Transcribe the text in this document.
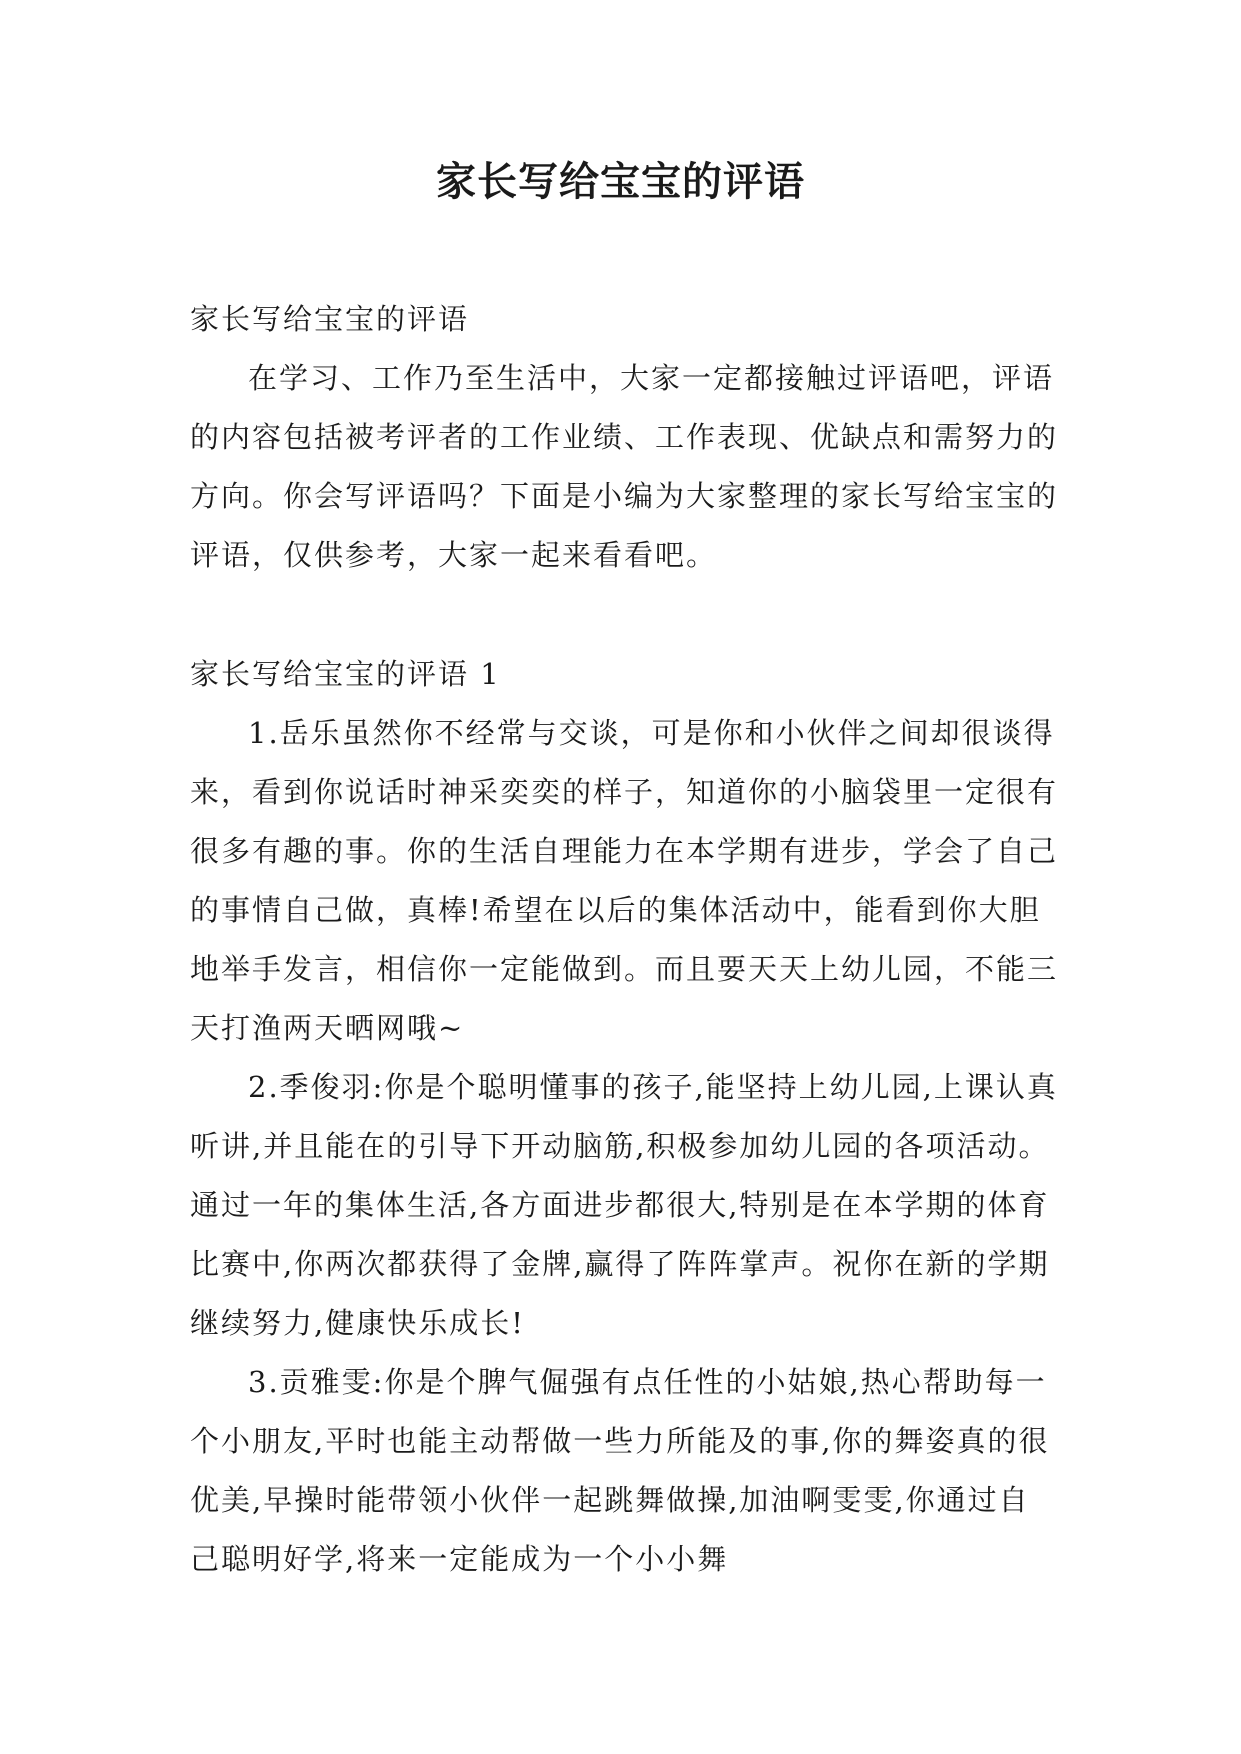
家长写给宝宝的评语

家长写给宝宝的评语

在学习、工作乃至生活中，大家一定都接触过评语吧，评语的内容包括被考评者的工作业绩、工作表现、优缺点和需努力的方向。你会写评语吗？下面是小编为大家整理的家长写给宝宝的评语，仅供参考，大家一起来看看吧。

家长写给宝宝的评语 1

1.岳乐虽然你不经常与交谈，可是你和小伙伴之间却很谈得来，看到你说话时神采奕奕的样子，知道你的小脑袋里一定很有很多有趣的事。你的生活自理能力在本学期有进步，学会了自己的事情自己做，真棒!希望在以后的集体活动中，能看到你大胆地举手发言，相信你一定能做到。而且要天天上幼儿园，不能三天打渔两天晒网哦~

2.季俊羽:你是个聪明懂事的孩子,能坚持上幼儿园,上课认真听讲,并且能在的引导下开动脑筋,积极参加幼儿园的各项活动。通过一年的集体生活,各方面进步都很大,特别是在本学期的体育比赛中,你两次都获得了金牌,赢得了阵阵掌声。祝你在新的学期继续努力,健康快乐成长!

3.贡雅雯:你是个脾气倔强有点任性的小姑娘,热心帮助每一个小朋友,平时也能主动帮做一些力所能及的事,你的舞姿真的很优美,早操时能带领小伙伴一起跳舞做操,加油啊雯雯,你通过自己聪明好学,将来一定能成为一个小小舞
